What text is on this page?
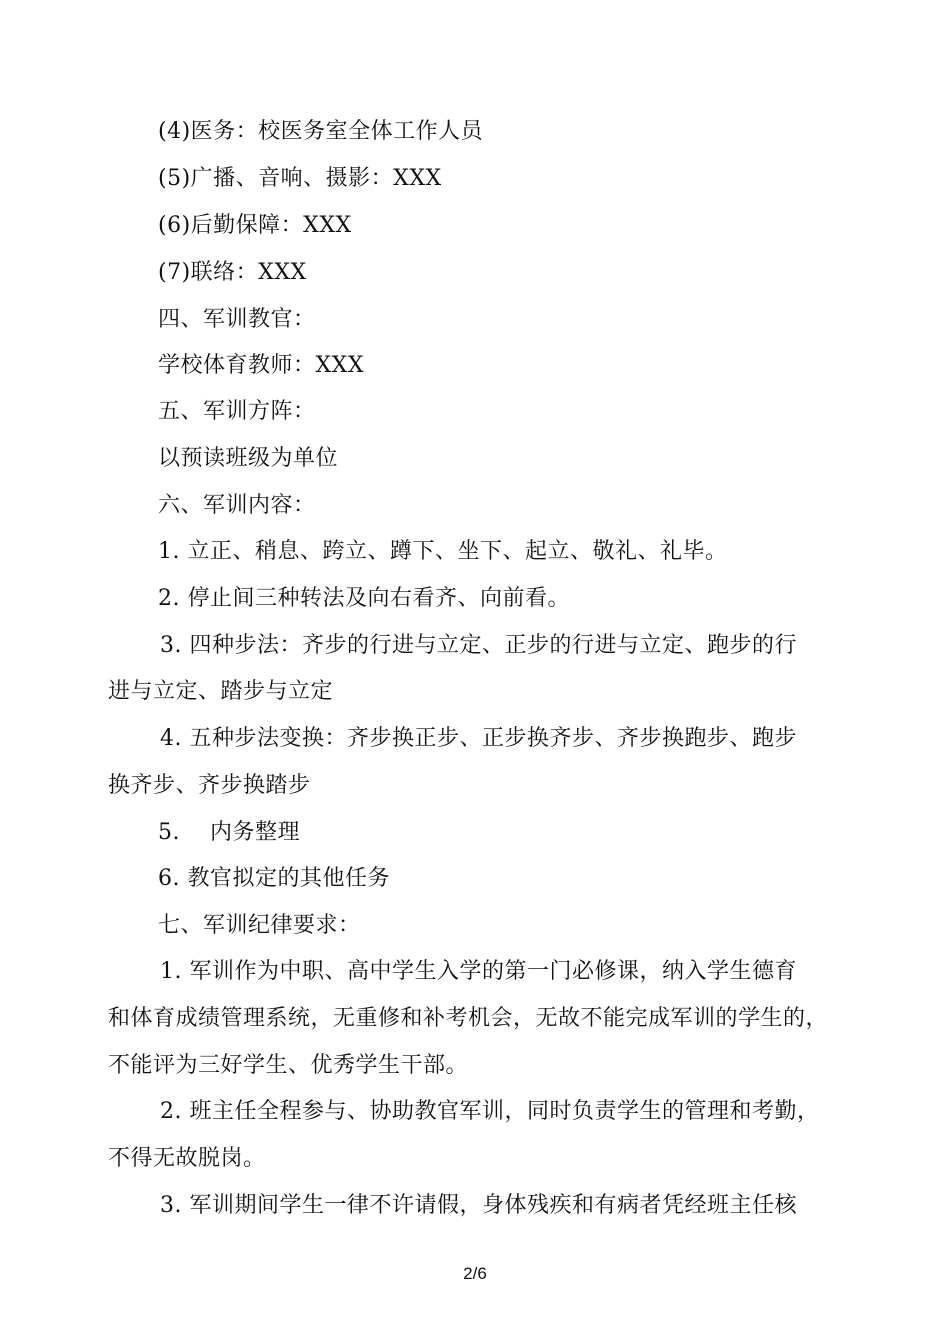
(4)医务：校医务室全体工作人员
(5)广播、音响、摄影：XXX
(6)后勤保障：XXX
(7)联络：XXX
四、军训教官：
学校体育教师：XXX
五、军训方阵：
以预读班级为单位
六、军训内容：
1. 立正、稍息、跨立、蹲下、坐下、起立、敬礼、礼毕。
2. 停止间三种转法及向右看齐、向前看。
3. 四种步法：齐步的行进与立定、正步的行进与立定、跑步的行
进与立定、踏步与立定
4. 五种步法变换：齐步换正步、正步换齐步、齐步换跑步、跑步
换齐步、齐步换踏步
5.　 内务整理
6. 教官拟定的其他任务
七、军训纪律要求：
1. 军训作为中职、高中学生入学的第一门必修课，纳入学生德育
和体育成绩管理系统，无重修和补考机会，无故不能完成军训的学生的，
不能评为三好学生、优秀学生干部。
2. 班主任全程参与、协助教官军训，同时负责学生的管理和考勤，
不得无故脱岗。
3. 军训期间学生一律不许请假，身体残疾和有病者凭经班主任核
2/6
